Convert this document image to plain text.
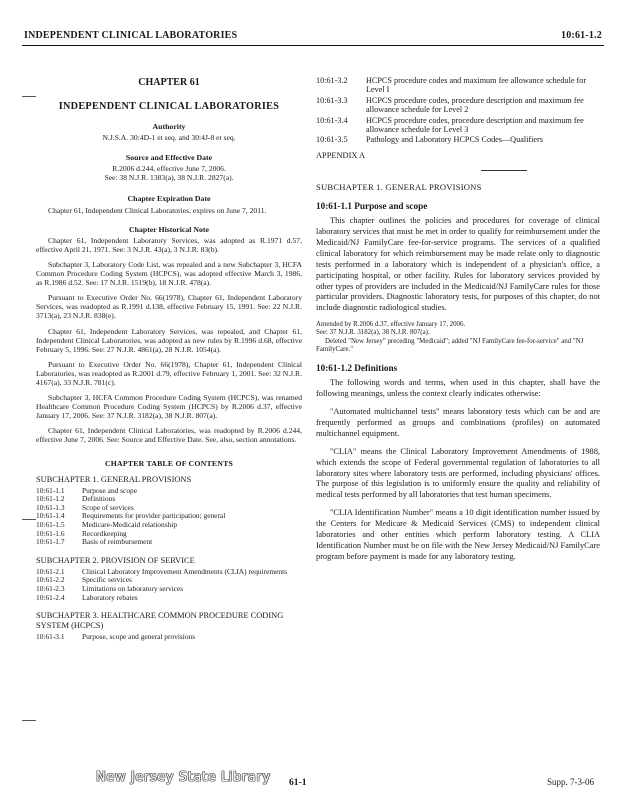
INDEPENDENT CLINICAL LABORATORIES	10:61-1.2
CHAPTER 61
INDEPENDENT CLINICAL LABORATORIES
Authority
N.J.S.A. 30:4D-1 et seq. and 30:4J-8 et seq.
Source and Effective Date
R.2006 d.244, effective June 7, 2006.
See: 38 N.J.R. 1383(a), 38 N.J.R. 2827(a).
Chapter Expiration Date

Chapter 61, Independent Clinical Laboratories, expires on June 7, 2011.

Chapter Historical Note

Chapter 61, Independent Laboratory Services, was adopted as R.1971 d.57, effective April 21, 1971. See: 3 N.J.R. 43(a), 3 N.J.R. 83(b).

Subchapter 3, Laboratory Code List, was repealed and a new Subchapter 3, HCFA Common Procedure Coding System (HCPCS), was adopted effective March 3, 1986, as R.1986 d.52. See: 17 N.J.R. 1519(b), 18 N.J.R. 478(a).

Pursuant to Executive Order No. 66(1978), Chapter 61, Independent Laboratory Services, was readopted as R.1991 d.138, effective February 15, 1991. See: 22 N.J.R. 3713(a), 23 N.J.R. 838(e).

Chapter 61, Independent Laboratory Services, was repealed, and Chapter 61, Independent Clinical Laboratories, was adopted as new rules by R.1996 d.68, effective February 5, 1996. See: 27 N.J.R. 4861(a), 28 N.J.R. 1054(a).

Pursuant to Executive Order No. 66(1978), Chapter 61, Independent Clinical Laboratories, was readopted as R.2001 d.79, effective February 1, 2001. See: 32 N.J.R. 4167(a), 33 N.J.R. 781(c).

Subchapter 3, HCFA Common Procedure Coding System (HCPCS), was renamed Healthcare Common Procedure Coding System (HCPCS) by R.2006 d.37, effective January 17, 2006. See: 37 N.J.R. 3182(a), 38 N.J.R. 807(a).

Chapter 61, Independent Clinical Laboratories, was readopted by R.2006 d.244, effective June 7, 2006. See: Source and Effective Date. See, also, section annotations.

CHAPTER TABLE OF CONTENTS
SUBCHAPTER 1. GENERAL PROVISIONS
10:61-1.1	Purpose and scope
10:61-1.2	Definitions
10:61-1.3	Scope of services
10:61-1.4	Requirements for provider participation; general
10:61-1.5	Medicare-Medicaid relationship
10:61-1.6	Recordkeeping
10:61-1.7	Basis of reimbursement
SUBCHAPTER 2. PROVISION OF SERVICE
10:61-2.1	Clinical Laboratory Improvement Amendments (CLIA) requirements
10:61-2.2	Specific services
10:61-2.3	Limitations on laboratory services
10:61-2.4	Laboratory rebates
SUBCHAPTER 3. HEALTHCARE COMMON PROCEDURE CODING SYSTEM (HCPCS)
10:61-3.1	Purpose, scope and general provisions
10:61-3.2	HCPCS procedure codes and maximum fee allowance schedule for Level I
10:61-3.3	HCPCS procedure codes, procedure description and maximum fee allowance schedule for Level 2
10:61-3.4	HCPCS procedure codes, procedure description and maximum fee allowance schedule for Level 3
10:61-3.5	Pathology and Laboratory HCPCS Codes—Qualifiers
APPENDIX A
SUBCHAPTER 1. GENERAL PROVISIONS
10:61-1.1 Purpose and scope

This chapter outlines the policies and procedures for coverage of clinical laboratory services that must be met in order to qualify for reimbursement under the Medicaid/NJ FamilyCare fee-for-service programs. The services of a qualified clinical laboratory for which reimbursement may be made relate only to diagnostic tests performed in a laboratory which is independent of a physician's office, a participating hospital, or other facility. Rules for laboratory services provided by other types of providers are included in the Medicaid/NJ FamilyCare rules for those particular providers. Diagnostic laboratory tests, for purposes of this chapter, do not include diagnostic radiological studies.

Amended by R.2006 d.37, effective January 17, 2006.
See: 37 N.J.R. 3182(a), 38 N.J.R. 807(a).
Deleted "New Jersey" preceding "Medicaid"; added "NJ FamilyCare fee-for-service" and "NJ FamilyCare."
10:61-1.2 Definitions

The following words and terms, when used in this chapter, shall have the following meanings, unless the context clearly indicates otherwise:

"Automated multichannel tests" means laboratory tests which can be and are frequently performed as groups and combinations (profiles) on automated multichannel equipment.

"CLIA" means the Clinical Laboratory Improvement Amendments of 1988, which extends the scope of Federal governmental regulation of laboratories to all laboratory sites where laboratory tests are performed, including physicians' offices. The purpose of this legislation is to uniformly ensure the quality and reliability of medical tests performed by all laboratories that test human specimens.

"CLIA Identification Number" means a 10 digit identification number issued by the Centers for Medicare & Medicaid Services (CMS) to independent clinical laboratories and other entities which perform laboratory testing. A CLIA Identification Number must be on file with the New Jersey Medicaid/NJ FamilyCare program before payment is made for any laboratory testing.

New Jersey State Library 61-1	Supp. 7-3-06
